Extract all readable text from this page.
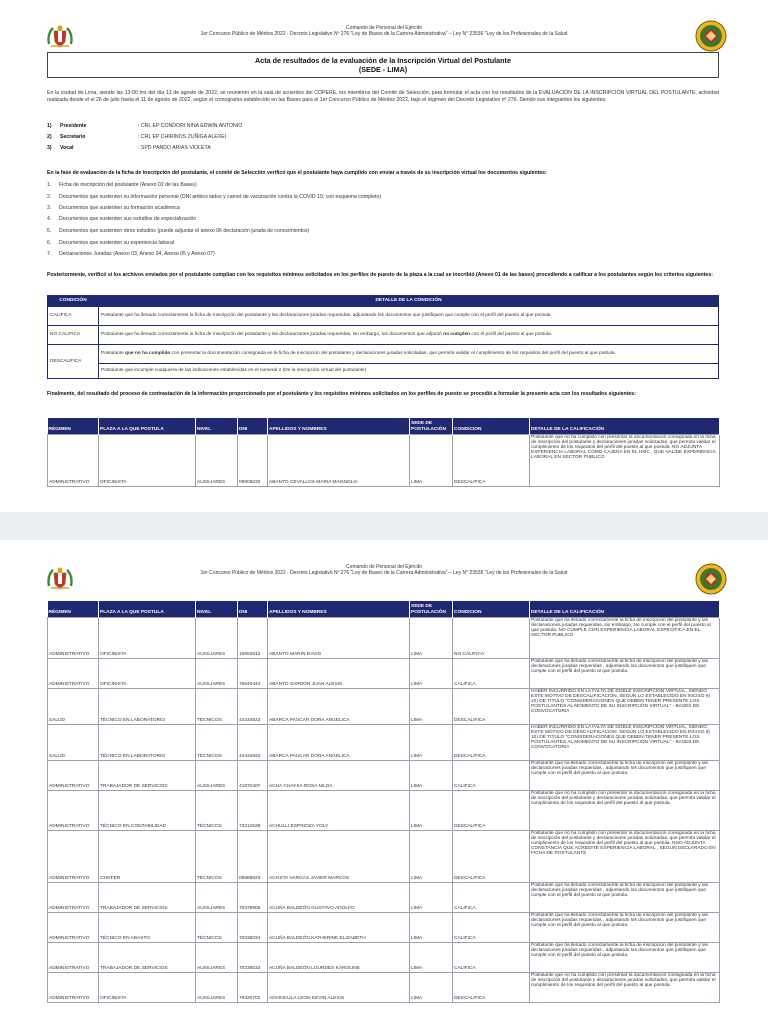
Comando de Personal del Ejército
1er Concurso Público de Méritos 2022 - Decreto Legislativo Nº 276 "Ley de Bases de la Carrera Administrativa" – Ley N° 23536 "Ley de los Profesionales de la Salud
Acta de resultados de la evaluación de la Inscripción Virtual del Postulante
(SEDE - LIMA)
En la ciudad de Lima, siendo las 13:00 hrs del día 12 de agosto de 2022, se reunieron en la sala de acuerdos del COPERE, los miembros del Comité de Selección, para formular el acta con los resultados de la EVALUACIÓN DE LA INSCRIPCIÓN VIRTUAL DEL POSTULANTE, actividad realizada desde el el 26 de julio hasta el 11 de agosto de 2022, según el cronograma establecido en las Bases para el 1er Concurso Público de Méritos 2022, bajo el régimen del Decreto Legislativo nº 276. Siendo sus integrantes los siguientes:
1) Presidente	: CRL EP CONDORI NINA EDWIN ANTONIO
2) Secretario	: CRL EP CHIRINOS ZUÑIGA ALEXEI
3) Vocal	: SPD PANDO ARIAS VIOLETA
En la fase de evaluación de la ficha de inscripción del postulante, el comité de Selección verificó que el postulante haya cumplido con enviar a través de su inscripción virtual los documentos siguientes:
1. Ficha de inscripción del postulante (Anexo 02 de las Bases)
2. Documentos que sustenten su información personal (DNI ambos lados y carnet de vacunación contra la COVID 19, con esquema completo)
3. Documentos que sustenten su formación académica
4. Documentos que sustenten sus estudios de especialización
5. Documentos que sustenten otros estudios (puede adjuntar el anexo 06 declaración jurada de conocimientos)
6. Documentos que sustenten su experiencia laboral
7. Declaraciones Juradas (Anexo 03, Anexo 04, Anexo 05 y Anexo 07)
Posteriormente, verificó si los archivos enviados por el postulante cumplían con los requisitos mínimos solicitados en los perfiles de puesto de la plaza a la cual se inscribió (Anexo 01 de las bases) procediendo a calificar a los postulantes según los criterios siguientes:
CONDICIÓN	DETALLE DE LA CONDICIÓN
CALIFICA	Postulante que ha llenado correctamente la ficha de inscripción del postulante y las declaraciones juradas requeridas, adjuntando los documentos que justifiquen que cumple con el perfil del puesto al que postula.
NO CALIFICA	Postulante que ha llenado correctamente la ficha de inscripción del postulante y las declaraciones juradas requeridas, sin embargo, los documentos que adjuntó
no cumplen
con el perfil del puesto al que postula.
DESCALIFICA
Postulante que no ha cumplido con presentar la documentación consignada en la ficha de inscripción del postulante y declaraciones juradas solicitadas, que permita validar el cumplimiento de los requisitos del perfil del puesto al que postula.
Postulante que incumple cualquiera de las indicaciones establecidas en el numeral 2 (De la inscripción virtual del postulante)
Finalmente, del resultado del proceso de contrastación de la información proporcionado por el postulante y los requisitos mínimos solicitados en los perfiles de puesto se procedió a formular la presente acta con los resultados siguientes:
RÉGIMEN	PLAZA A LA QUE POSTULA	NIVEL	DNI	APELLIDOS Y NOMBRES	SEDE DE POSTULACIÓN	CONDICION	DETALLE DE LA CALIFICACIÓN
ADMINISTRATIVO	OFICINISTA	AUXILIARES	09905033	ABANTO CEVALLOS MARIA MAGNOLIA	LIMA	DESCALIFICA	Postulante que no ha cumplido con presentar la documentación consignada en la ficha de inscripción del postulante y declaraciones juradas solicitadas, que permita validar el cumplimiento de los requisitos del perfil del puesto al que postula. NO ADJUNTA EXPERIENCIA LABORAL COMO CAJERA EN EL HMC , QUE VALIDE EXPERIENCIA LABORAL EN SECTOR PUBLICO
Comando de Personal del Ejército
1er Concurso Público de Méritos 2022 - Decreto Legislativo Nº 276 "Ley de Bases de la Carrera Administrativa" – Ley N° 23536 "Ley de los Profesionales de la Salud
RÉGIMEN	PLAZA A LA QUE POSTULA	NIVEL	DNI	APELLIDOS Y NOMBRES	SEDE DE POSTULACIÓN	CONDICION	DETALLE DE LA CALIFICACIÓN
ADMINISTRATIVO	OFICINISTA	AUXILIARES	10652612	ABANTO MARIN DAVID	LIMA	NO CALIFICA	Postulante que ha llenado correctamente la ficha de inscripción del postulante y las declaraciones juradas requeridas, sin embargo, No cumple con el perfil del puesto al que postula. NO CUMPLE CON EXPERIENCIA LABORAL ESPECIFICA EN EL SECTOR PUBLICO
ADMINISTRATIVO	OFICINISTA	AUXILIARES	76640444	ABANTO SARDON JUAN ALEXIS	LIMA	CALIFICA	Postulante que ha llenado correctamente la ficha de inscripción del postulante y las declaraciones juradas requeridas , adjuntando los documentos que justifiquen que cumple con el perfil del puesto al que postula.
SALUD	TÉCNICO EN LABORATORIO	TÉCNICOS	44434823	ABARCA PAUCAR DORA ANGELICA	LIMA	DESCALIFICA	HABER INCURRIDO EN LA FALTA DE DOBLE INSCRIPCIÓN VIRTUAL, SIENDO ESTE MOTIVO DE DESCALIFICACIÓN, SEGÚN LO ESTABLECIDO EN INCISO 9) 10) DE TITULO "CONSIDERACIONES QUE DEBEN TENER PRESENTE LOS POSTULANTES AL MOMENTO DE SU INSCRIPCIÓN VIRTUAL" - BASES DE CONVOCATORIA
SALUD	TÉCNICO EN LABORATORIO	TÉCNICOS	44434823	ABARCA PAUCAR DORA ANGELICA	LIMA	DESCALIFICA	HABER INCURRIDO EN LA FALTA DE DOBLE INSCRIPCIÓN VIRTUAL, SIENDO ESTE MOTIVO DE DESCALIFICACIÓN, SEGÚN LO ESTABLECIDO EN INCISO 9) 10) DE TITULO "CONSIDERACIONES QUE DEBEN TENER PRESENTE LOS POSTULANTES AL MOMENTO DE SU INSCRIPCIÓN VIRTUAL" - BASES DE CONVOCATORIA
ADMINISTRATIVO	TRABAJADOR DE SERVICIOS	AUXILIARES	41870407	ACHA CHAYSA ROSA NILDA	LIMA	CALIFICA	Postulante que ha llenado correctamente la ficha de inscripción del postulante y las declaraciones juradas requeridas , adjuntando los documentos que justifiquen que cumple con el perfil del puesto al que postula.
ADMINISTRATIVO	TÉCNICO EN CONTABILIDAD	TÉCNICOS	73212528	ACHULLI ESPINOZA YOLY	LIMA	DESCALIFICA	Postulante que no ha cumplido con presentar la documentación consignada en la ficha de inscripción del postulante y declaraciones juradas solicitadas, que permita validar el cumplimiento de los requisitos del perfil del puesto al que postula.
ADMINISTRATIVO	CHOFER	TÉCNICOS	08988823	ACOSTA VARGAS JAVIER MARCOS	LIMA	DESCALIFICA	Postulante que no ha cumplido con presentar la documentación consignada en la ficha de inscripción del postulante y declaraciones juradas solicitadas, que permita validar el cumplimiento de los requisitos del perfil del puesto al que postula. NNO ADJUNTA CONSTANCIA QUE ACREDITE EXPERIENCIA LABORAL , SEGUN DECLARADO EN FICHA DE POSTULANTE
ADMINISTRATIVO	TRABAJADOR DE SERVICIOS	AUXILIARES	70378905	ACUÑA BALDEÓN GUSTAVO ADOLFO	LIMA	CALIFICA	Postulante que ha llenado correctamente la ficha de inscripción del postulante y las declaraciones juradas requeridas , adjuntando los documentos que justifiquen que cumple con el perfil del puesto al que postula.
ADMINISTRATIVO	TÉCNICO EN ABASTO	TÉCNICOS	70336034	ACUÑA BALDEÓN KATHERINE ELIZABETH	LIMA	CALIFICA	Postulante que ha llenado correctamente la ficha de inscripción del postulante y las declaraciones juradas requeridas , adjuntando los documentos que justifiquen que cumple con el perfil del puesto al que postula.
ADMINISTRATIVO	TRABAJADOR DE SERVICIOS	AUXILIARES	70336033	ACUÑA BALDEÓN LOURDES KAROLINE	LIMA	CALIFICA	Postulante que ha llenado correctamente la ficha de inscripción del postulante y las declaraciones juradas requeridas , adjuntando los documentos que justifiquen que cumple con el perfil del puesto al que postula.
ADMINISTRATIVO	OFICINISTA	AUXILIARES	76320702	ADVINCULA LEON KEVIN ALEXIS	LIMA	DESCALIFICA	Postulante que no ha cumplido con presentar la documentación consignada en la ficha de inscripción del postulante y declaraciones juradas solicitadas, que permita validar el cumplimiento de los requisitos del perfil del puesto al que postula.
